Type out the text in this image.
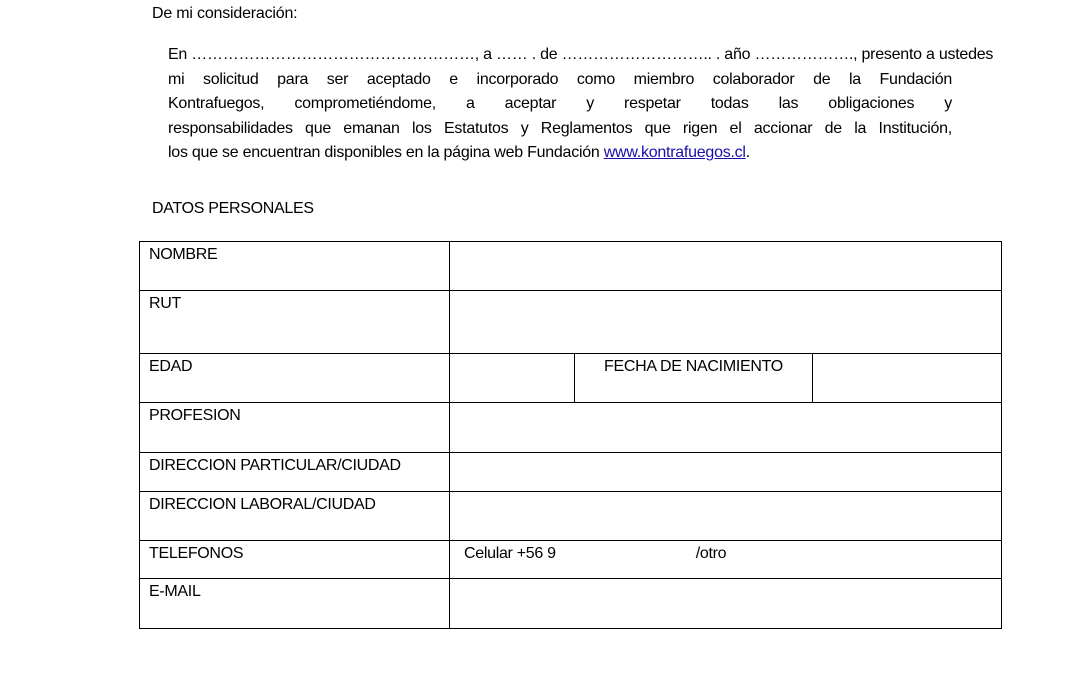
De mi consideración:
En ………………………………………………, a …… . de ……………………….. . año ………………., presento a ustedes
mi solicitud para ser aceptado e incorporado como miembro colaborador de la Fundación
Kontrafuegos, comprometiéndome, a aceptar y respetar todas las obligaciones y
responsabilidades que emanan los Estatutos y Reglamentos que rigen el accionar de la Institución,
los que se encuentran disponibles en la página web Fundación www.kontrafuegos.cl.
DATOS PERSONALES
NOMBRE			
RUT			
EDAD		FECHA DE NACIMIENTO	
PROFESION			
DIRECCION PARTICULAR/CIUDAD			
DIRECCION LABORAL/CIUDAD			
TELEFONOS	Celular +56 9 /otro		
E-MAIL			
